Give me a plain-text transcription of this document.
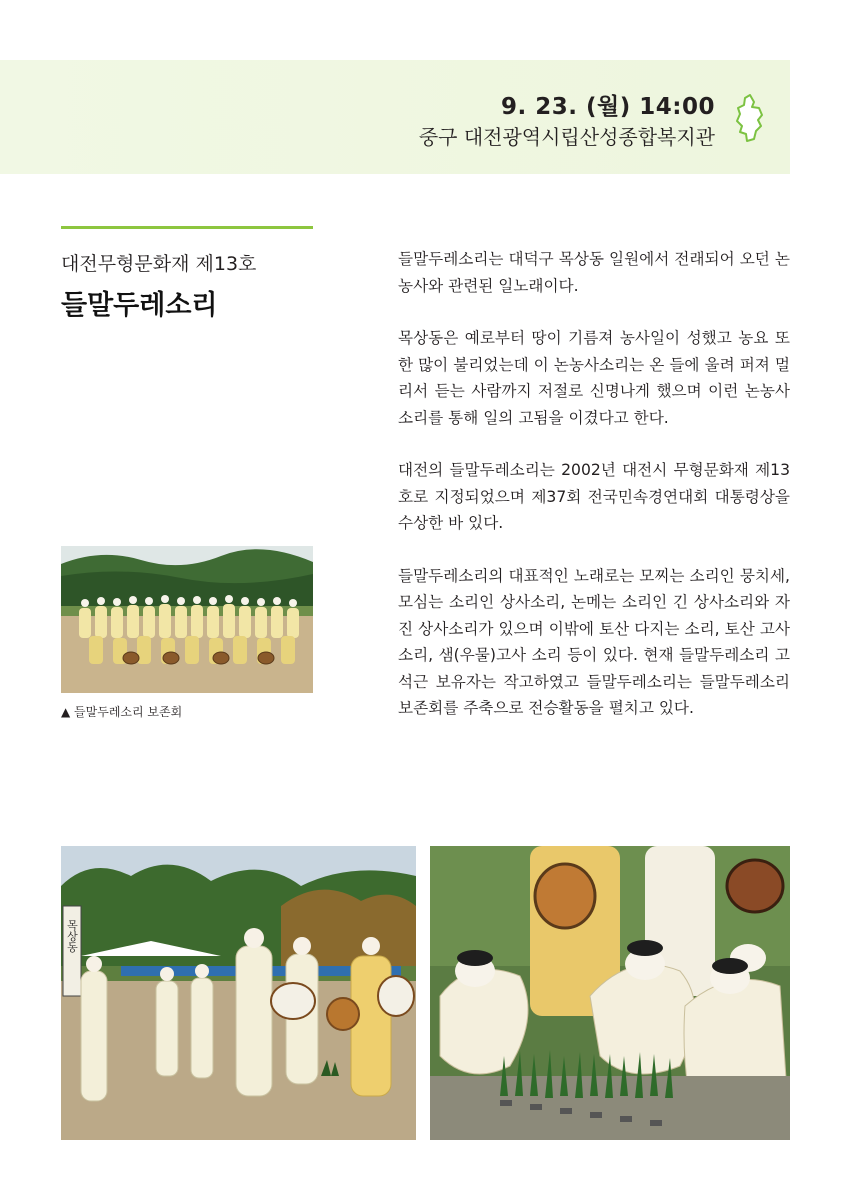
9. 23. (월) 14:00
중구 대전광역시립산성종합복지관
대전무형문화재 제13호
들말두레소리

들말두레소리는 대덕구 목상동 일원에서 전래되어 오던 논농사와 관련된 일노래이다.

목상동은 예로부터 땅이 기름져 농사일이 성했고 농요 또한 많이 불리었는데 이 논농사소리는 온 들에 울려 퍼져 멀리서 듣는 사람까지 저절로 신명나게 했으며 이런 논농사소리를 통해 일의 고됨을 이겼다고 한다.

대전의 들말두레소리는 2002년 대전시 무형문화재 제13호로 지정되었으며 제37회 전국민속경연대회 대통령상을 수상한 바 있다.

들말두레소리의 대표적인 노래로는 모찌는 소리인 뭉치세, 모심는 소리인 상사소리, 논메는 소리인 긴 상사소리와 자진 상사소리가 있으며 이밖에 토산 다지는 소리, 토산 고사소리, 샘(우물)고사 소리 등이 있다. 현재 들말두레소리 고석근 보유자는 작고하였고 들말두레소리는 들말두레소리보존회를 주축으로 전승활동을 펼치고 있다.

▲ 들말두레소리 보존회
목상동
